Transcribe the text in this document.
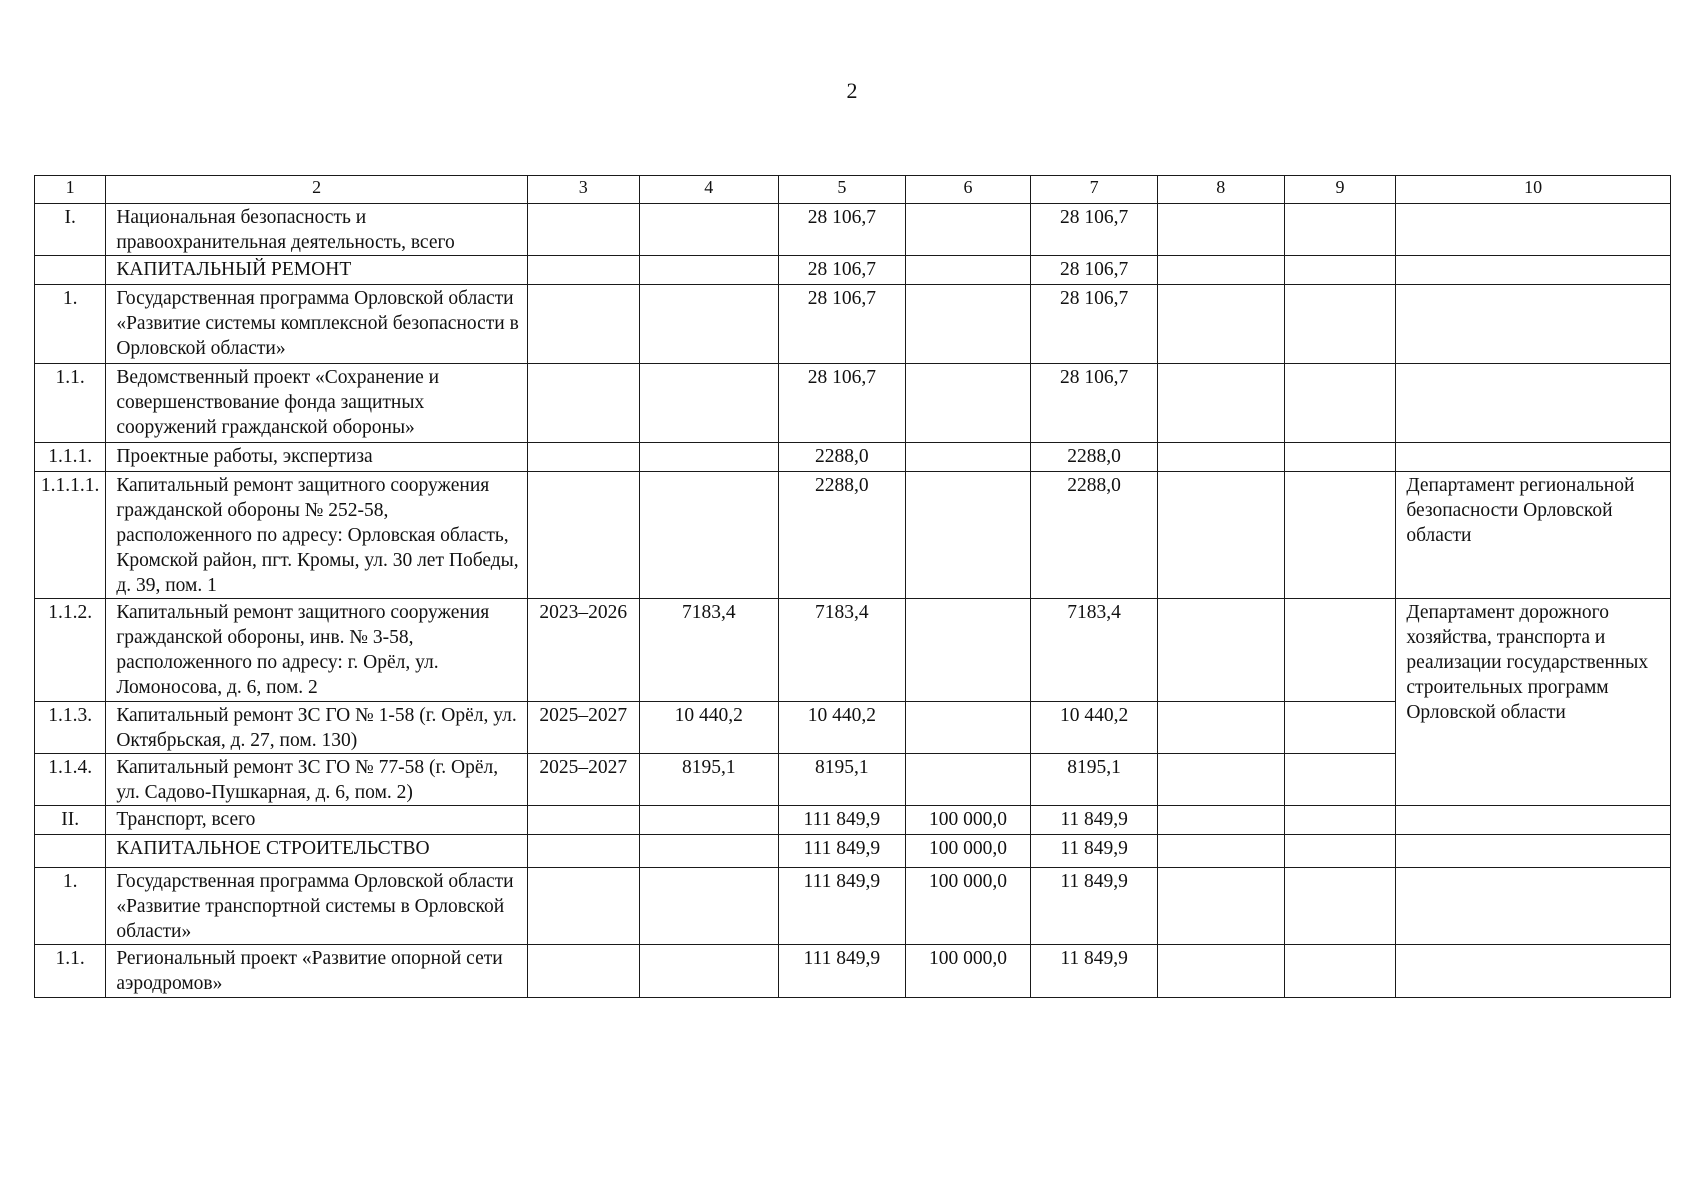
2
1	2	3	4	5	6	7	8	9	10
I.	Национальная безопасность и правоохранительная деятельность, всего			28 106,7		28 106,7			
	КАПИТАЛЬНЫЙ РЕМОНТ			28 106,7		28 106,7			
1.	Государственная программа Орловской области «Развитие системы комплексной безопасности в Орловской области»			28 106,7		28 106,7			
1.1.	Ведомственный проект «Сохранение и совершенствование фонда защитных сооружений гражданской обороны»			28 106,7		28 106,7			
1.1.1.	Проектные работы, экспертиза			2288,0		2288,0			
1.1.1.1.	Капитальный ремонт защитного сооружения гражданской обороны № 252-58, расположенного по адресу: Орловская область, Кромской район, пгт. Кромы, ул. 30 лет Победы, д. 39, пом. 1			2288,0		2288,0			Департамент региональной безопасности Орловской области
1.1.2.	Капитальный ремонт защитного сооружения гражданской обороны, инв. № 3-58, расположенного по адресу: г. Орёл, ул. Ломоносова, д. 6, пом. 2	2023–2026	7183,4	7183,4		7183,4			Департамент дорожного хозяйства, транспорта и реализации государственных строительных программ Орловской области
1.1.3.	Капитальный ремонт ЗС ГО № 1-58 (г. Орёл, ул. Октябрьская, д. 27, пом. 130)	2025–2027	10 440,2	10 440,2		10 440,2			
1.1.4.	Капитальный ремонт ЗС ГО № 77-58 (г. Орёл, ул. Садово-Пушкарная, д. 6, пом. 2)	2025–2027	8195,1	8195,1		8195,1			
II.	Транспорт, всего			111 849,9	100 000,0	11 849,9			
	КАПИТАЛЬНОЕ СТРОИТЕЛЬСТВО			111 849,9	100 000,0	11 849,9			
1.	Государственная программа Орловской области «Развитие транспортной системы в Орловской области»			111 849,9	100 000,0	11 849,9			
1.1.	Региональный проект «Развитие опорной сети аэродромов»			111 849,9	100 000,0	11 849,9			
